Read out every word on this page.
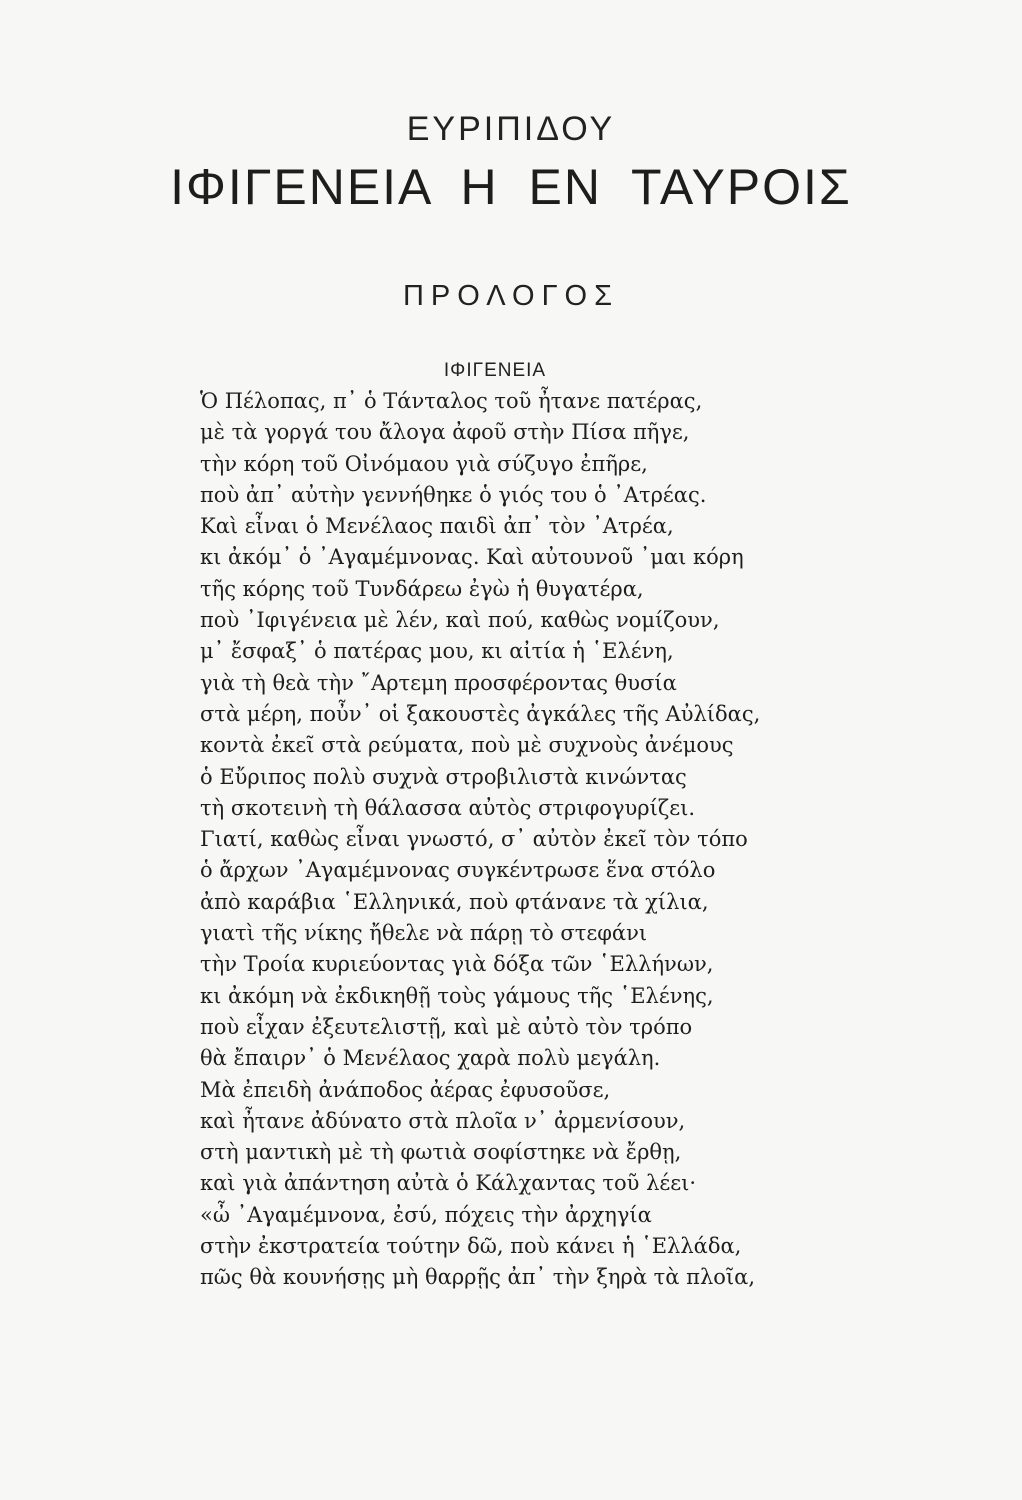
ΕΥΡΙΠΙΔΟΥ
ΙΦΙΓΕΝΕΙΑ Η ΕΝ ΤΑΥΡΟΙΣ
ΠΡΟΛΟΓΟΣ
ΙΦΙΓΕΝΕΙΑ
Ὁ Πέλοπας, π᾿ ὁ Τάνταλος τοῦ ἦτανε πατέρας,
μὲ τὰ γοργά του ἄλογα ἀφοῦ στὴν Πίσα πῆγε,
τὴν κόρη τοῦ Οἰνόμαου γιὰ σύζυγο ἐπῆρε,
ποὺ ἀπ᾿ αὐτὴν γεννήθηκε ὁ γιός του ὁ ᾿Ατρέας.
Καὶ εἶναι ὁ Μενέλαος παιδὶ ἀπ᾿ τὸν ᾿Ατρέα,
κι ἀκόμ᾿ ὁ ᾿Αγαμέμνονας. Καὶ αὐτουνοῦ ᾿μαι κόρη
τῆς κόρης τοῦ Τυνδάρεω ἐγὼ ἡ θυγατέρα,
ποὺ ᾿Ιφιγένεια μὲ λέν, καὶ πού, καθὼς νομίζουν,
μ᾿ ἔσφαξ᾿ ὁ πατέρας μου, κι αἰτία ἡ ῾Ελένη,
γιὰ τὴ θεὰ τὴν ῎Αρτεμη προσφέροντας θυσία
στὰ μέρη, ποὖν᾿ οἱ ξακουστὲς ἀγκάλες τῆς Αὐλίδας,
κοντὰ ἐκεῖ στὰ ρεύματα, ποὺ μὲ συχνοὺς ἀνέμους
ὁ Εὔριπος πολὺ συχνὰ στροβιλιστὰ κινώντας
τὴ σκοτεινὴ τὴ θάλασσα αὐτὸς στριφογυρίζει.
Γιατί, καθὼς εἶναι γνωστό, σ᾿ αὐτὸν ἐκεῖ τὸν τόπο
ὁ ἄρχων ᾿Αγαμέμνονας συγκέντρωσε ἕνα στόλο
ἀπὸ καράβια ῾Ελληνικά, ποὺ φτάνανε τὰ χίλια,
γιατὶ τῆς νίκης ἤθελε νὰ πάρῃ τὸ στεφάνι
τὴν Τροία κυριεύοντας γιὰ δόξα τῶν ῾Ελλήνων,
κι ἀκόμη νὰ ἐκδικηθῇ τοὺς γάμους τῆς ῾Ελένης,
ποὺ εἶχαν ἐξευτελιστῇ, καὶ μὲ αὐτὸ τὸν τρόπο
θὰ ἔπαιρν᾿ ὁ Μενέλαος χαρὰ πολὺ μεγάλη.
Μὰ ἐπειδὴ ἀνάποδος ἀέρας ἐφυσοῦσε,
καὶ ἦτανε ἀδύνατο στὰ πλοῖα ν᾿ ἀρμενίσουν,
στὴ μαντικὴ μὲ τὴ φωτιὰ σοφίστηκε νὰ ἔρθῃ,
καὶ γιὰ ἀπάντηση αὐτὰ ὁ Κάλχαντας τοῦ λέει·
«ὦ ᾿Αγαμέμνονα, ἐσύ, πόχεις τὴν ἀρχηγία
στὴν ἐκστρατεία τούτην δῶ, ποὺ κάνει ἡ ῾Ελλάδα,
πῶς θὰ κουνήσῃς μὴ θαρρῇς ἀπ᾿ τὴν ξηρὰ τὰ πλοῖα,
